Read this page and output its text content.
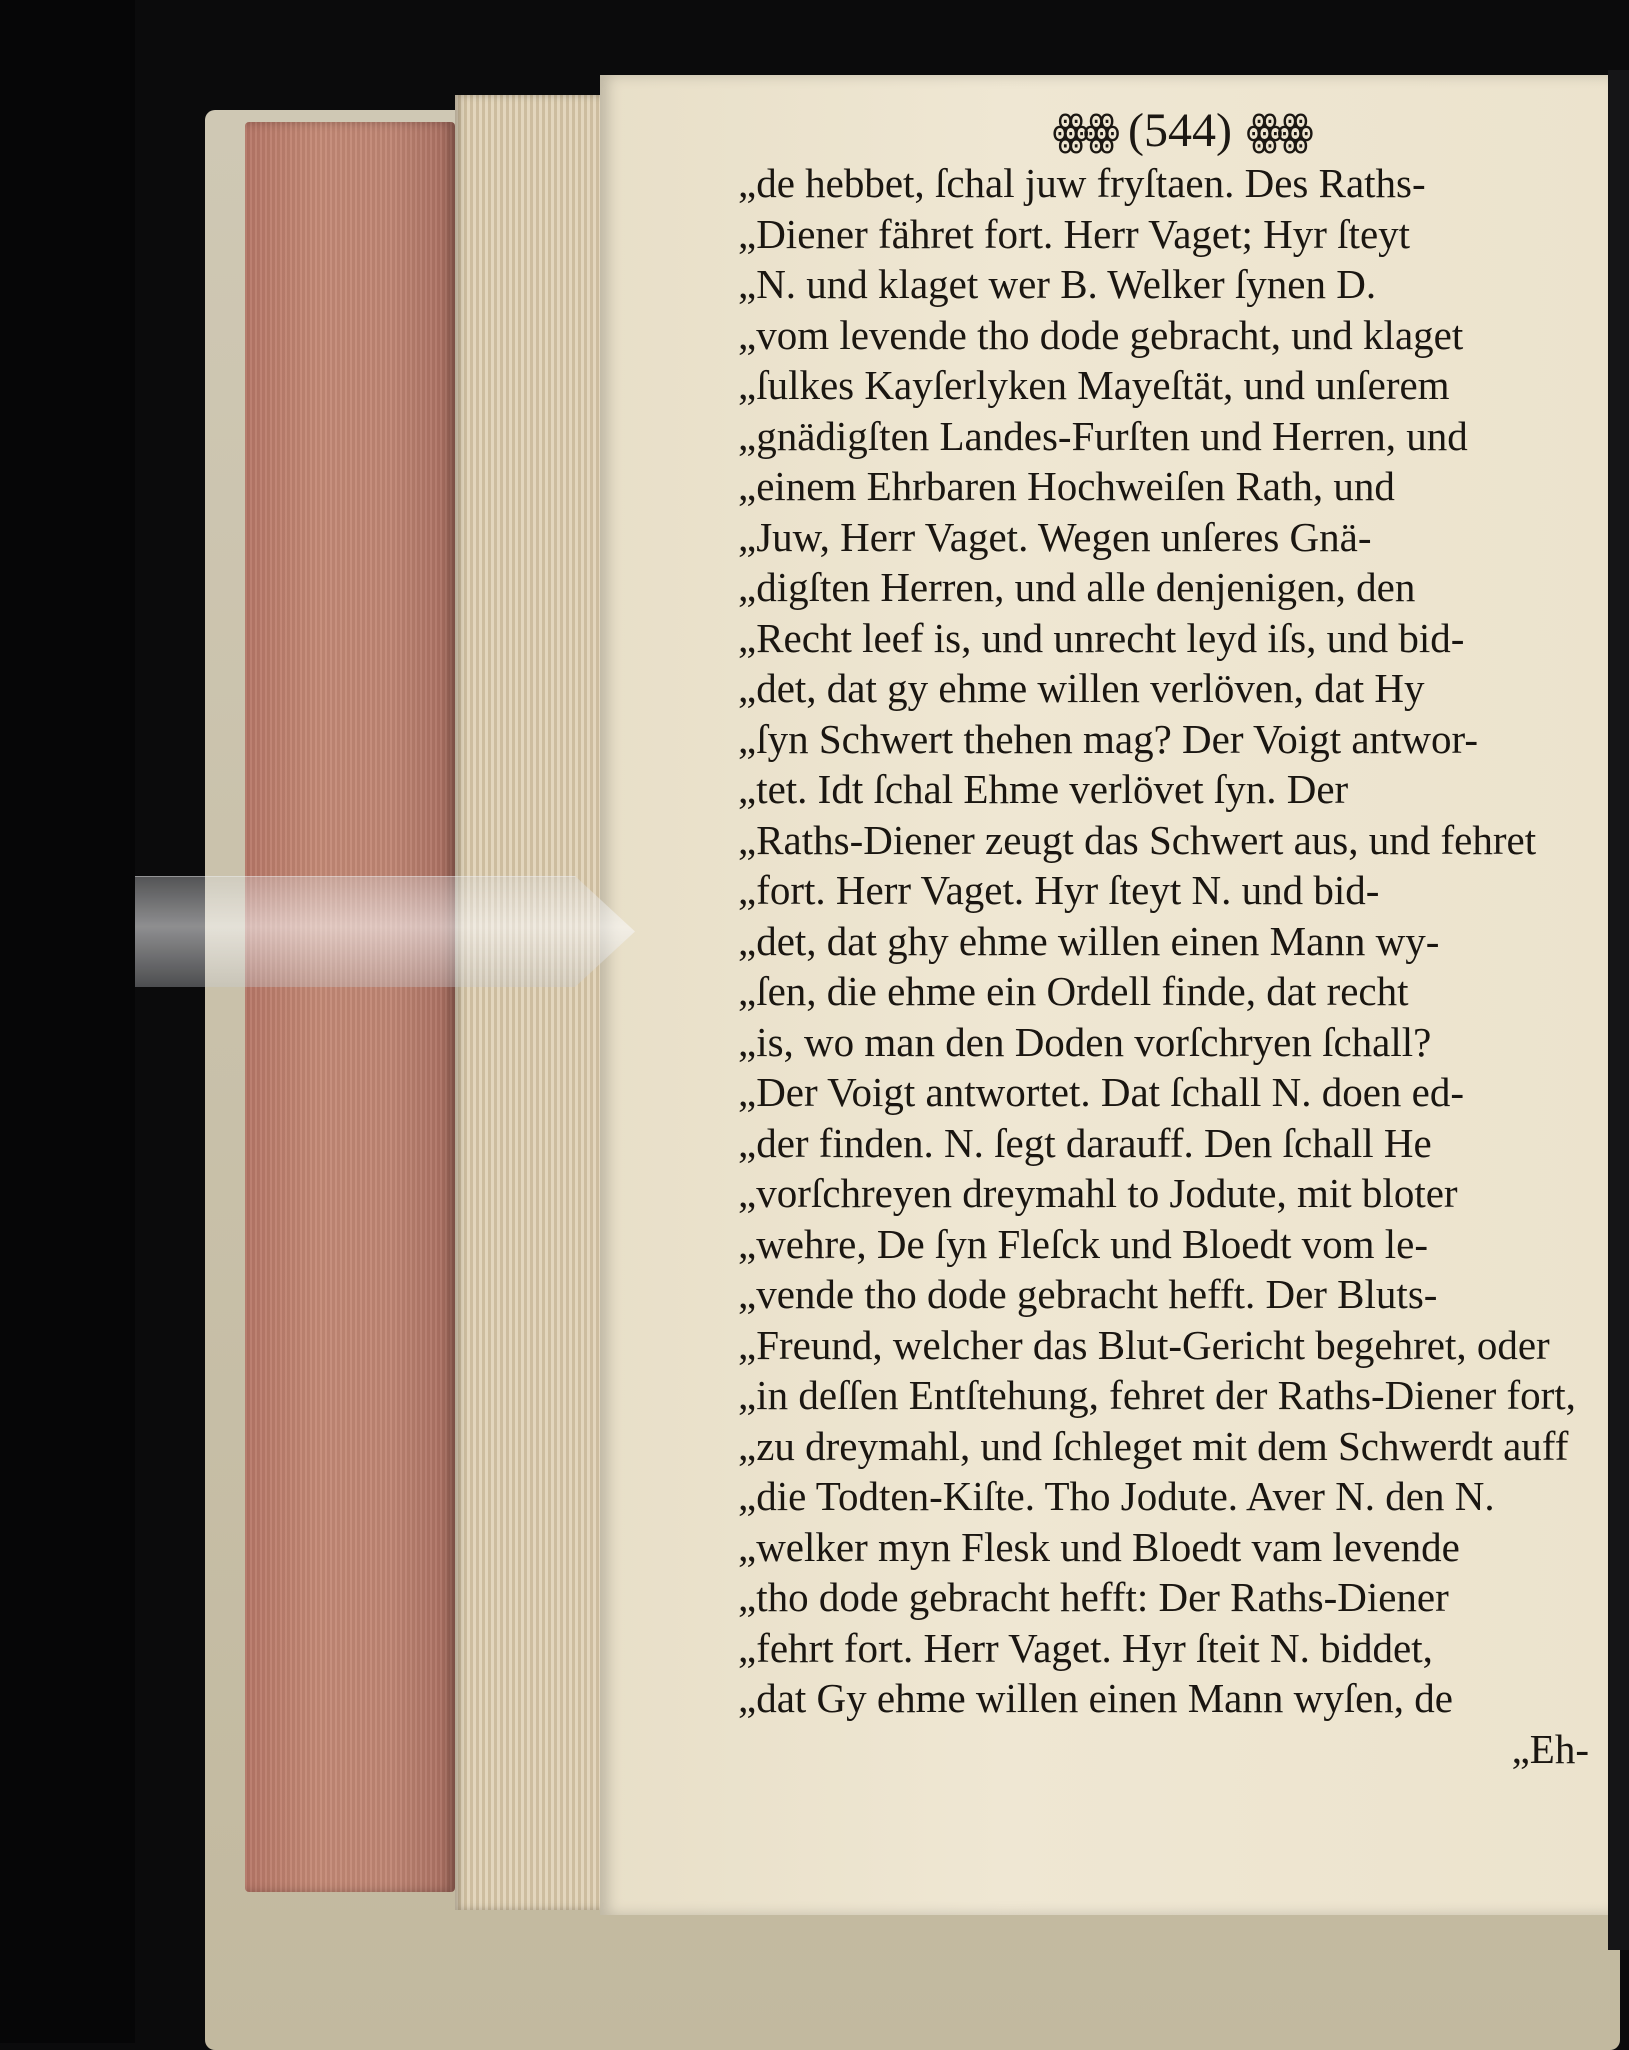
ꙮꙮ (544) ꙮꙮ
„de hebbet, ſchal juw fryſtaen. Des Raths-
„Diener fähret fort. Herr Vaget; Hyr ſteyt
„N. und klaget wer B. Welker ſynen D.
„vom levende tho dode gebracht, und klaget
„ſulkes Kayſerlyken Mayeſtät, und unſerem
„gnädigſten Landes-Furſten und Herren, und
„einem Ehrbaren Hochweiſen Rath, und
„Juw, Herr Vaget. Wegen unſeres Gnä-
„digſten Herren, und alle denjenigen, den
„Recht leef is, und unrecht leyd iſs, und bid-
„det, dat gy ehme willen verlöven, dat Hy
„ſyn Schwert thehen mag? Der Voigt antwor-
„tet. Idt ſchal Ehme verlövet ſyn. Der
„Raths-Diener zeugt das Schwert aus, und fehret
„fort. Herr Vaget. Hyr ſteyt N. und bid-
„det, dat ghy ehme willen einen Mann wy-
„ſen, die ehme ein Ordell finde, dat recht
„is, wo man den Doden vorſchryen ſchall?
„Der Voigt antwortet. Dat ſchall N. doen ed-
„der finden. N. ſegt darauff. Den ſchall He
„vorſchreyen dreymahl to Jodute, mit bloter
„wehre, De ſyn Fleſck und Bloedt vom le-
„vende tho dode gebracht hefft. Der Bluts-
„Freund, welcher das Blut-Gericht begehret, oder
„in deſſen Entſtehung, fehret der Raths-Diener fort,
„zu dreymahl, und ſchleget mit dem Schwerdt auff
„die Todten-Kiſte. Tho Jodute. Aver N. den N.
„welker myn Flesk und Bloedt vam levende
„tho dode gebracht hefft: Der Raths-Diener
„fehrt fort. Herr Vaget. Hyr ſteit N. biddet,
„dat Gy ehme willen einen Mann wyſen, de
„Eh-
